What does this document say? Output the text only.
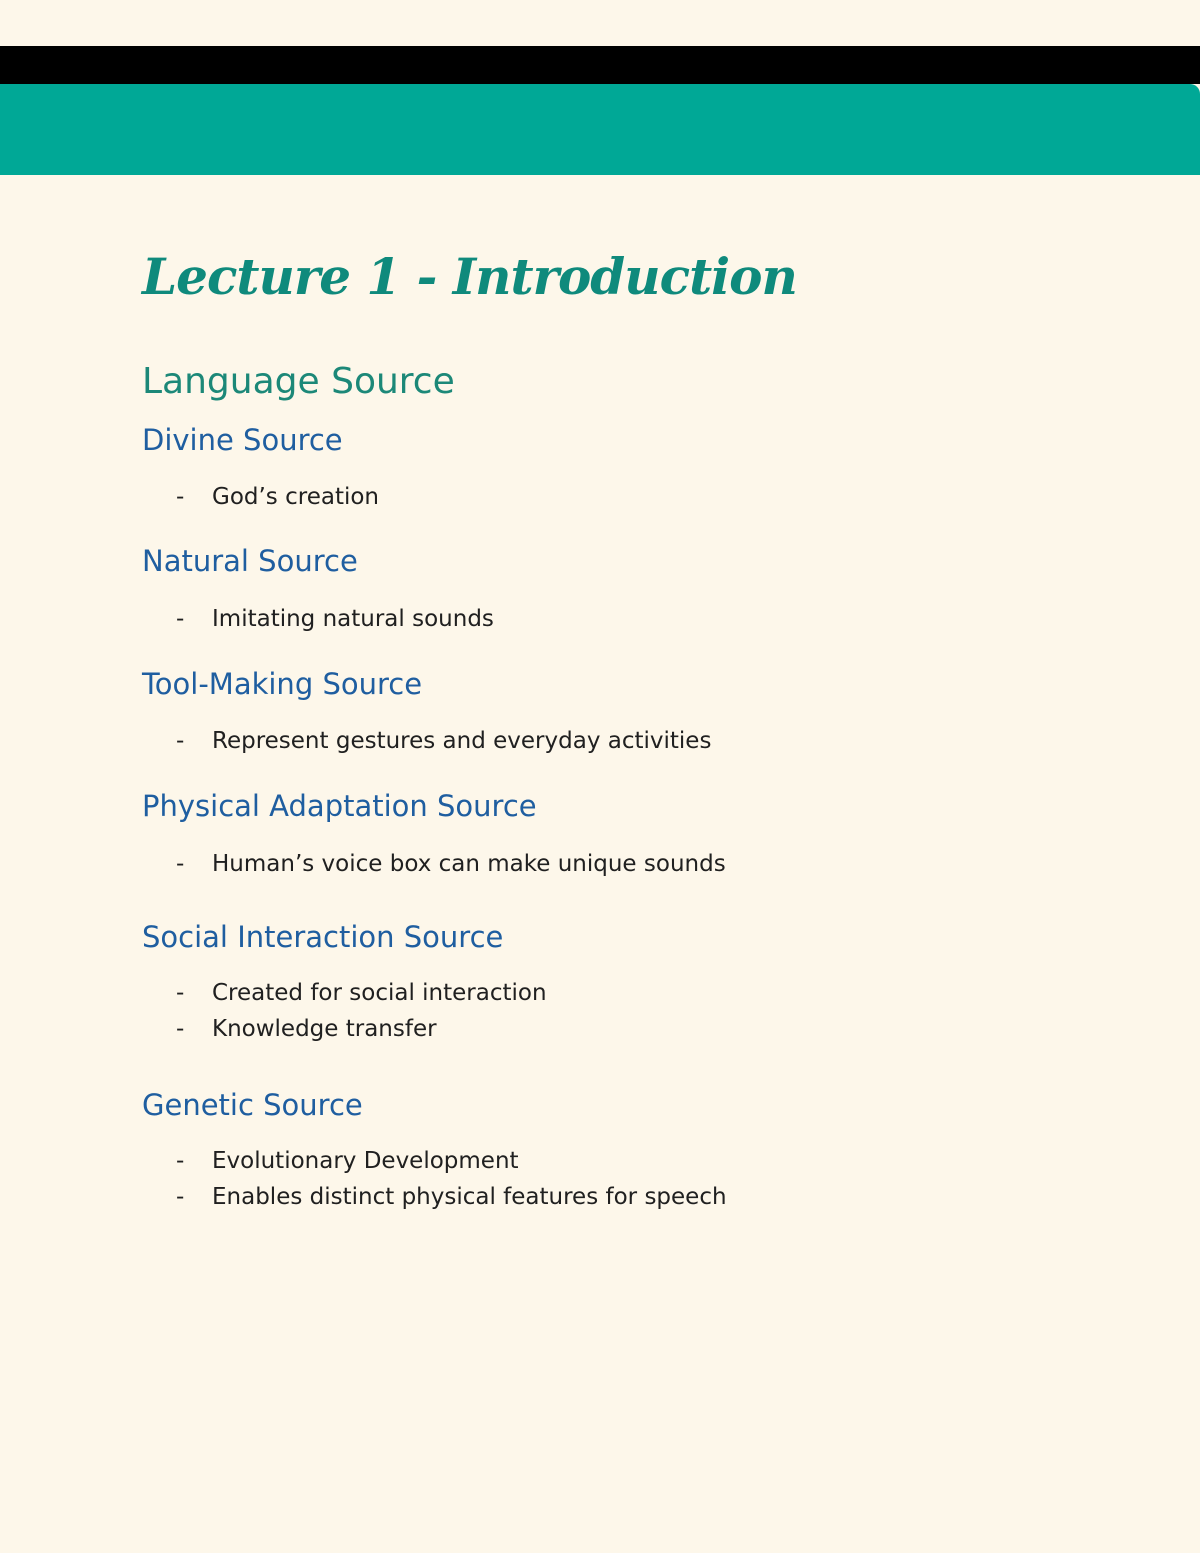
Lecture 1 - Introduction
Language Source
Divine Source
- God’s creation
Natural Source
- Imitating natural sounds
Tool-Making Source
- Represent gestures and everyday activities
Physical Adaptation Source
- Human’s voice box can make unique sounds
Social Interaction Source
- Created for social interaction
- Knowledge transfer
Genetic Source
- Evolutionary Development
- Enables distinct physical features for speech
